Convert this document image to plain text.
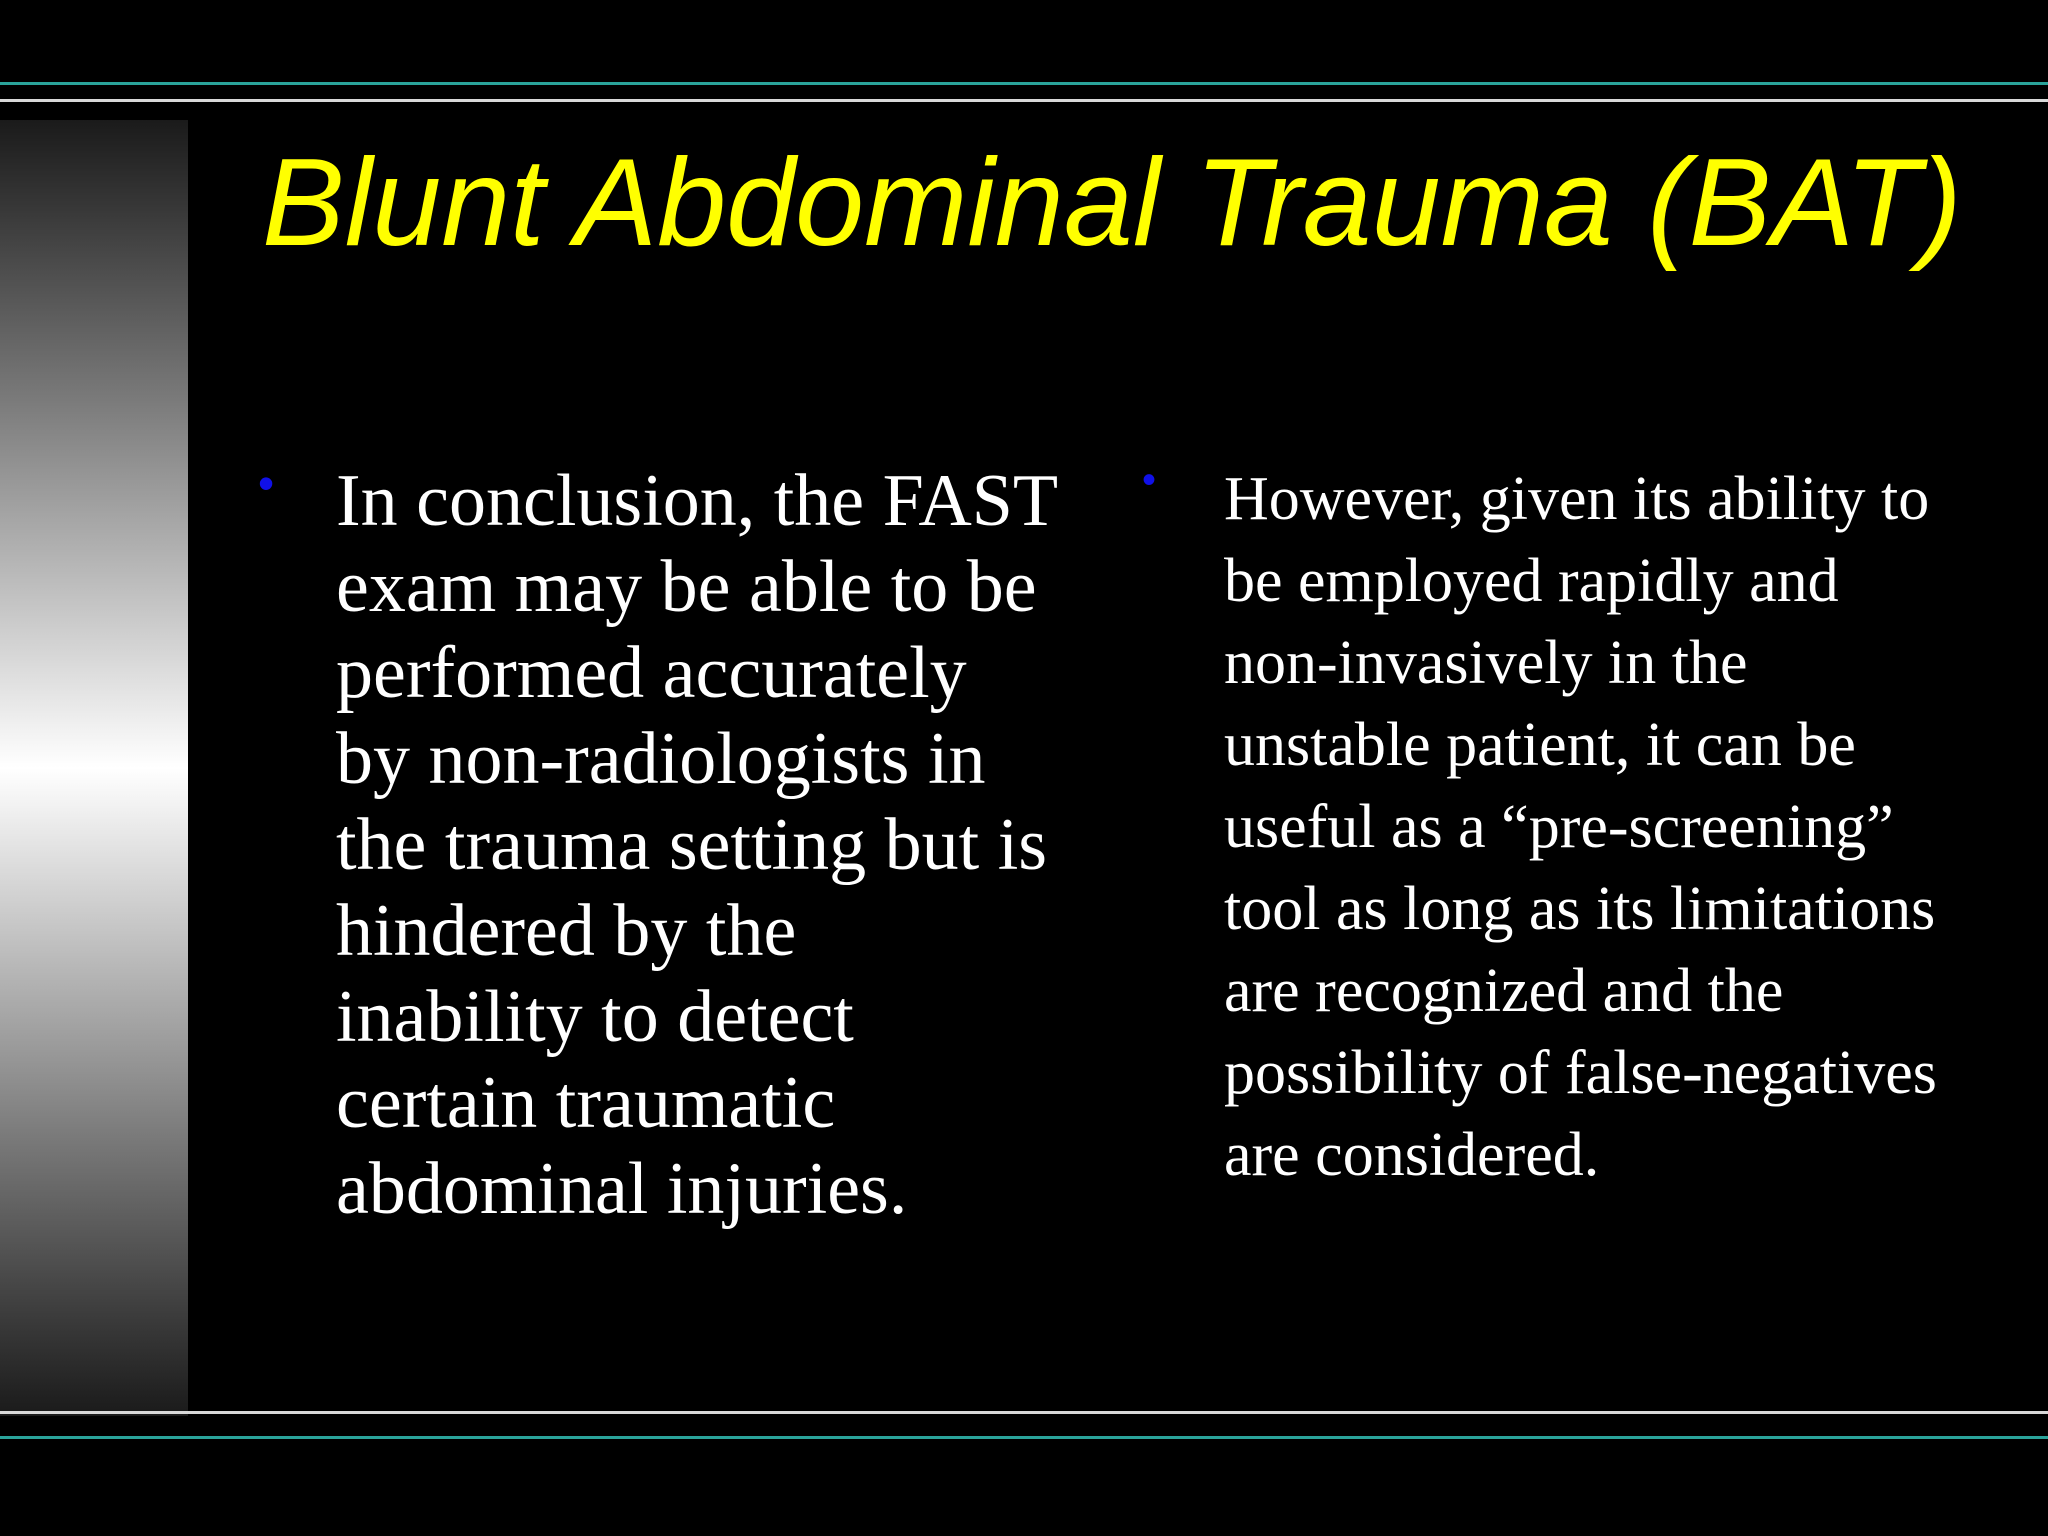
Blunt Abdominal Trauma (BAT)
• In conclusion, the FAST exam may be able to be performed accurately by non-radiologists in the trauma setting but is hindered by the inability to detect certain traumatic abdominal injuries.
• However, given its ability to be employed rapidly and non-invasively in the unstable patient, it can be useful as a “pre-screening” tool as long as its limitations are recognized and the possibility of false-negatives are considered.
